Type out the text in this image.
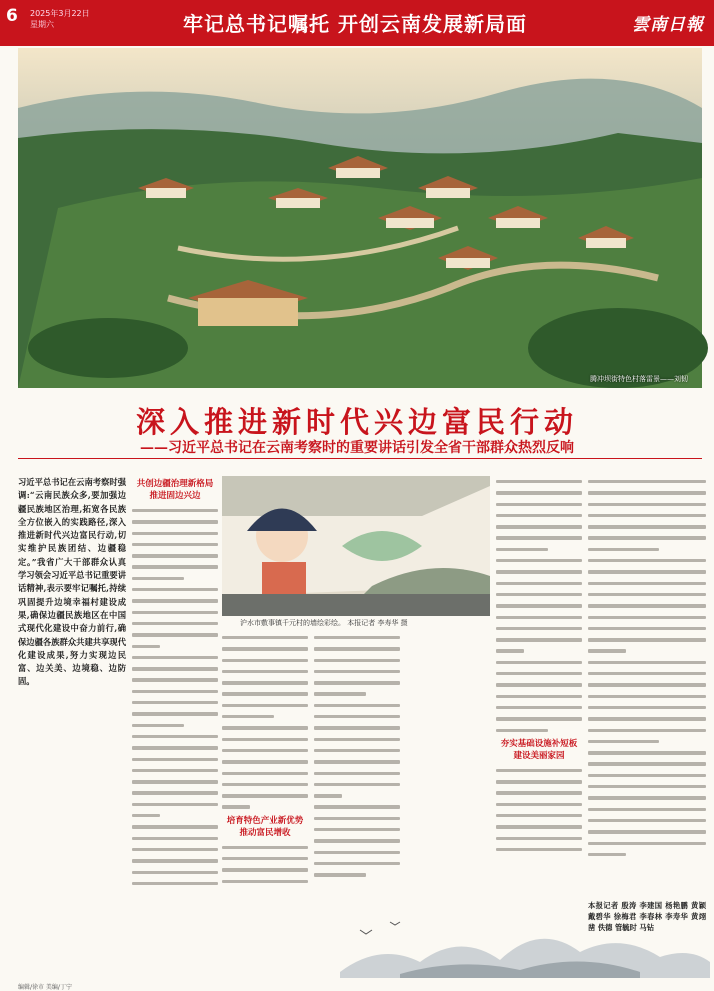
6	2025年3月22日
星期六	牢记总书记嘱托 开创云南发展新局面	雲南日報
腾冲坝街特色村落雷景——刘韧
深入推进新时代兴边富民行动
——习近平总书记在云南考察时的重要讲话引发全省干部群众热烈反响
习近平总书记在云南考察时强调:“云南民族众多,要加强边疆民族地区治理,拓宽各民族全方位嵌入的实践路径,深入推进新时代兴边富民行动,切实维护民族团结、边疆稳定。”我省广大干部群众认真学习领会习近平总书记重要讲话精神,表示要牢记嘱托,持续巩固提升边境幸福村建设成果,确保边疆民族地区在中国式现代化建设中奋力前行,确保边疆各族群众共建共享现代化建设成果,努力实现边民富、边关美、边境稳、边防固。
共创边疆治理新格局
推进固边兴边
沪水市敷事镇千元村的墙绘彩绘。 本报记者 李寿华 摄
培育特色产业新优势
推动富民增收
夯实基础设施补短板
建设美丽家园
本报记者 殷涛 李建国 杨艳鹏 黄颖 戴碧华 徐梅君 李春林 李寿华 黄翊凿 佚德 管毓时 马钻
编辑/徐市 美编/丁宁
